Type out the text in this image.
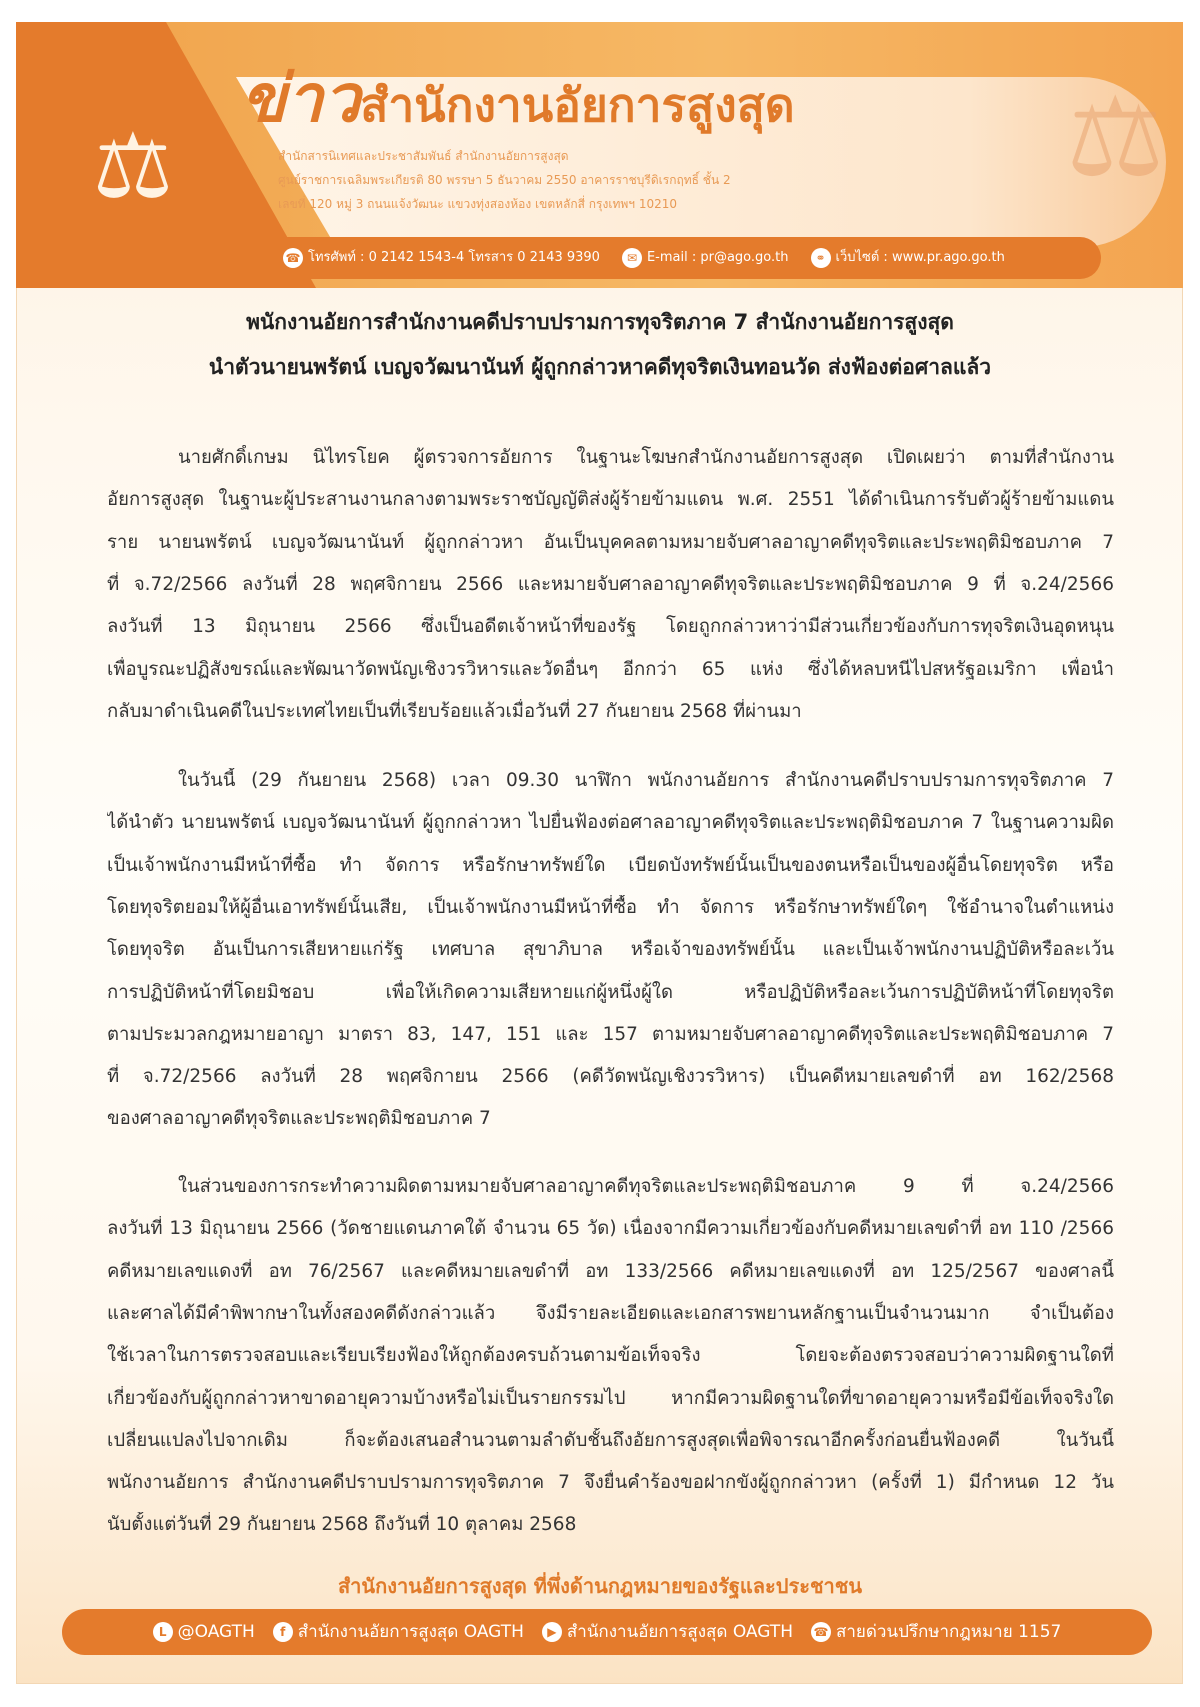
⚖	⚖
ข่าวสำนักงานอัยการสูงสุด
สำนักสารนิเทศและประชาสัมพันธ์ สำนักงานอัยการสูงสุด
ศูนย์ราชการเฉลิมพระเกียรติ 80 พรรษา 5 ธันวาคม 2550 อาคารราชบุรีดิเรกฤทธิ์ ชั้น 2
เลขที่ 120 หมู่ 3 ถนนแจ้งวัฒนะ แขวงทุ่งสองห้อง เขตหลักสี่ กรุงเทพฯ 10210
☎ โทรศัพท์ : 0 2142 1543-4 โทรสาร 0 2143 9390	✉ E-mail : pr@ago.go.th	⚭ เว็บไซต์ : www.pr.ago.go.th
พนักงานอัยการสำนักงานคดีปราบปรามการทุจริตภาค 7 สำนักงานอัยการสูงสุด
นำตัวนายนพรัตน์ เบญจวัฒนานันท์ ผู้ถูกกล่าวหาคดีทุจริตเงินทอนวัด ส่งฟ้องต่อศาลแล้ว
นายศักดิ์เกษม นิไทรโยค ผู้ตรวจการอัยการ ในฐานะโฆษกสำนักงานอัยการสูงสุด เปิดเผยว่า ตามที่สำนักงาน
อัยการสูงสุด ในฐานะผู้ประสานงานกลางตามพระราชบัญญัติส่งผู้ร้ายข้ามแดน พ.ศ. 2551 ได้ดำเนินการรับตัวผู้ร้ายข้ามแดน
ราย นายนพรัตน์ เบญจวัฒนานันท์ ผู้ถูกกล่าวหา อันเป็นบุคคลตามหมายจับศาลอาญาคดีทุจริตและประพฤติมิชอบภาค 7
ที่ จ.72/2566 ลงวันที่ 28 พฤศจิกายน 2566 และหมายจับศาลอาญาคดีทุจริตและประพฤติมิชอบภาค 9 ที่ จ.24/2566
ลงวันที่ 13 มิถุนายน 2566 ซึ่งเป็นอดีตเจ้าหน้าที่ของรัฐ โดยถูกกล่าวหาว่ามีส่วนเกี่ยวข้องกับการทุจริตเงินอุดหนุน
เพื่อบูรณะปฏิสังขรณ์และพัฒนาวัดพนัญเชิงวรวิหารและวัดอื่นๆ อีกกว่า 65 แห่ง ซึ่งได้หลบหนีไปสหรัฐอเมริกา เพื่อนำ
กลับมาดำเนินคดีในประเทศไทยเป็นที่เรียบร้อยแล้วเมื่อวันที่ 27 กันยายน 2568 ที่ผ่านมา
ในวันนี้ (29 กันยายน 2568) เวลา 09.30 นาฬิกา พนักงานอัยการ สำนักงานคดีปราบปรามการทุจริตภาค 7
ได้นำตัว นายนพรัตน์ เบญจวัฒนานันท์ ผู้ถูกกล่าวหา ไปยื่นฟ้องต่อศาลอาญาคดีทุจริตและประพฤติมิชอบภาค 7 ในฐานความผิด
เป็นเจ้าพนักงานมีหน้าที่ซื้อ ทำ จัดการ หรือรักษาทรัพย์ใด เบียดบังทรัพย์นั้นเป็นของตนหรือเป็นของผู้อื่นโดยทุจริต หรือ
โดยทุจริตยอมให้ผู้อื่นเอาทรัพย์นั้นเสีย, เป็นเจ้าพนักงานมีหน้าที่ซื้อ ทำ จัดการ หรือรักษาทรัพย์ใดๆ ใช้อำนาจในตำแหน่ง
โดยทุจริต อันเป็นการเสียหายแก่รัฐ เทศบาล สุขาภิบาล หรือเจ้าของทรัพย์นั้น และเป็นเจ้าพนักงานปฏิบัติหรือละเว้น
การปฏิบัติหน้าที่โดยมิชอบ เพื่อให้เกิดความเสียหายแก่ผู้หนึ่งผู้ใด หรือปฏิบัติหรือละเว้นการปฏิบัติหน้าที่โดยทุจริต
ตามประมวลกฎหมายอาญา มาตรา 83, 147, 151 และ 157 ตามหมายจับศาลอาญาคดีทุจริตและประพฤติมิชอบภาค 7
ที่ จ.72/2566 ลงวันที่ 28 พฤศจิกายน 2566 (คดีวัดพนัญเชิงวรวิหาร) เป็นคดีหมายเลขดำที่ อท 162/2568
ของศาลอาญาคดีทุจริตและประพฤติมิชอบภาค 7
ในส่วนของการกระทำความผิดตามหมายจับศาลอาญาคดีทุจริตและประพฤติมิชอบภาค 9 ที่ จ.24/2566
ลงวันที่ 13 มิถุนายน 2566 (วัดชายแดนภาคใต้ จำนวน 65 วัด) เนื่องจากมีความเกี่ยวข้องกับคดีหมายเลขดำที่ อท 110 /2566
คดีหมายเลขแดงที่ อท 76/2567 และคดีหมายเลขดำที่ อท 133/2566 คดีหมายเลขแดงที่ อท 125/2567 ของศาลนี้
และศาลได้มีคำพิพากษาในทั้งสองคดีดังกล่าวแล้ว จึงมีรายละเอียดและเอกสารพยานหลักฐานเป็นจำนวนมาก จำเป็นต้อง
ใช้เวลาในการตรวจสอบและเรียบเรียงฟ้องให้ถูกต้องครบถ้วนตามข้อเท็จจริง โดยจะต้องตรวจสอบว่าความผิดฐานใดที่
เกี่ยวข้องกับผู้ถูกกล่าวหาขาดอายุความบ้างหรือไม่เป็นรายกรรมไป หากมีความผิดฐานใดที่ขาดอายุความหรือมีข้อเท็จจริงใด
เปลี่ยนแปลงไปจากเดิม ก็จะต้องเสนอสำนวนตามลำดับชั้นถึงอัยการสูงสุดเพื่อพิจารณาอีกครั้งก่อนยื่นฟ้องคดี ในวันนี้
พนักงานอัยการ สำนักงานคดีปราบปรามการทุจริตภาค 7 จึงยื่นคำร้องขอฝากขังผู้ถูกกล่าวหา (ครั้งที่ 1) มีกำหนด 12 วัน
นับตั้งแต่วันที่ 29 กันยายน 2568 ถึงวันที่ 10 ตุลาคม 2568
สำนักงานอัยการสูงสุด ที่พึ่งด้านกฎหมายของรัฐและประชาชน
L @OAGTH	f สำนักงานอัยการสูงสุด OAGTH	▶ สำนักงานอัยการสูงสุด OAGTH ☎ สายด่วนปรึกษากฎหมาย 1157
